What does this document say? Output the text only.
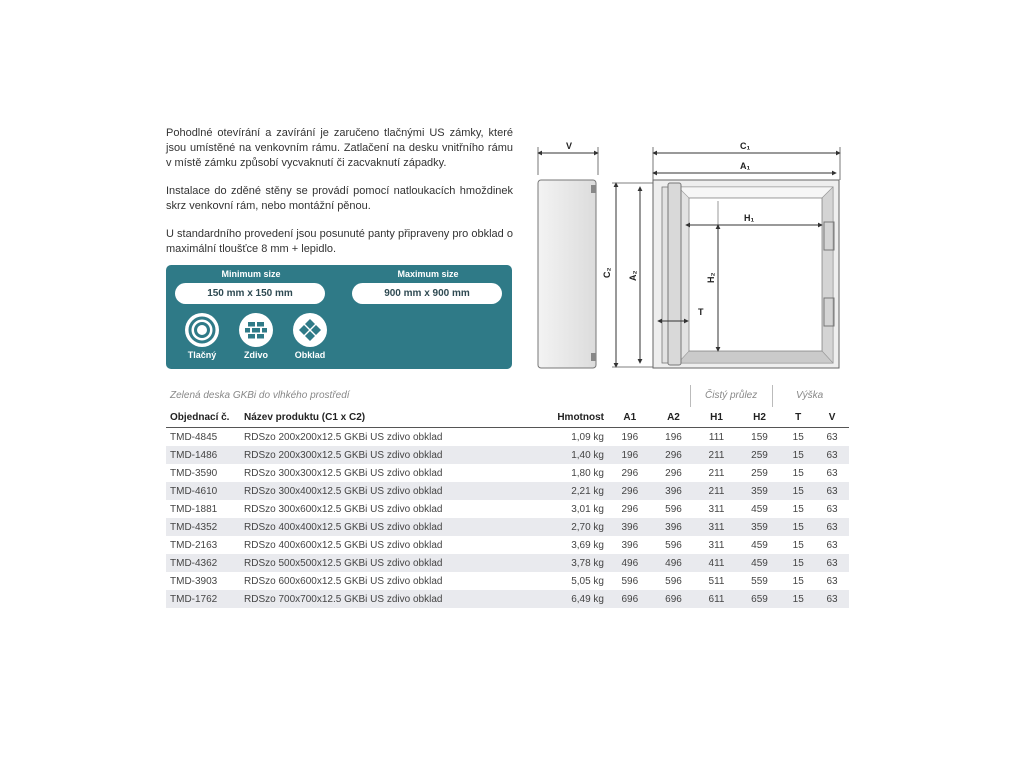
Pohodlné otevírání a zavírání je zaručeno tlačnými US zámky, které jsou umístěné na venkovním rámu. Zatlačení na desku vnitřního rámu v místě zámku způsobí vycvaknutí či zacvaknutí západky.

Instalace do zděné stěny se provádí pomocí natloukacích hmoždinek skrz venkovní rám, nebo montážní pěnou.

U standardního provedení jsou posunuté panty připraveny pro obklad o maximální tloušťce 8 mm + lepidlo.

Minimum size
150 mm x 150 mm
Maximum size
900 mm x 900 mm
Tlačný	Zdivo	Obklad
V	C₁
A₁
C₂ A₂
H₁
H₂
T
Zelená deska GKBi do vlhkého prostředí	Čistý průlez	Výška
Objednací č.	Název produktu (C1 x C2)	Hmotnost	A1	A2	H1	H2	T	V
TMD-4845	RDSzo 200x200x12.5 GKBi US zdivo obklad	1,09 kg	196	196	111	159	15	63
TMD-1486	RDSzo 200x300x12.5 GKBi US zdivo obklad	1,40 kg	196	296	211	259	15	63
TMD-3590	RDSzo 300x300x12.5 GKBi US zdivo obklad	1,80 kg	296	296	211	259	15	63
TMD-4610	RDSzo 300x400x12.5 GKBi US zdivo obklad	2,21 kg	296	396	211	359	15	63
TMD-1881	RDSzo 300x600x12.5 GKBi US zdivo obklad	3,01 kg	296	596	311	459	15	63
TMD-4352	RDSzo 400x400x12.5 GKBi US zdivo obklad	2,70 kg	396	396	311	359	15	63
TMD-2163	RDSzo 400x600x12.5 GKBi US zdivo obklad	3,69 kg	396	596	311	459	15	63
TMD-4362	RDSzo 500x500x12.5 GKBi US zdivo obklad	3,78 kg	496	496	411	459	15	63
TMD-3903	RDSzo 600x600x12.5 GKBi US zdivo obklad	5,05 kg	596	596	511	559	15	63
TMD-1762	RDSzo 700x700x12.5 GKBi US zdivo obklad	6,49 kg	696	696	611	659	15	63
